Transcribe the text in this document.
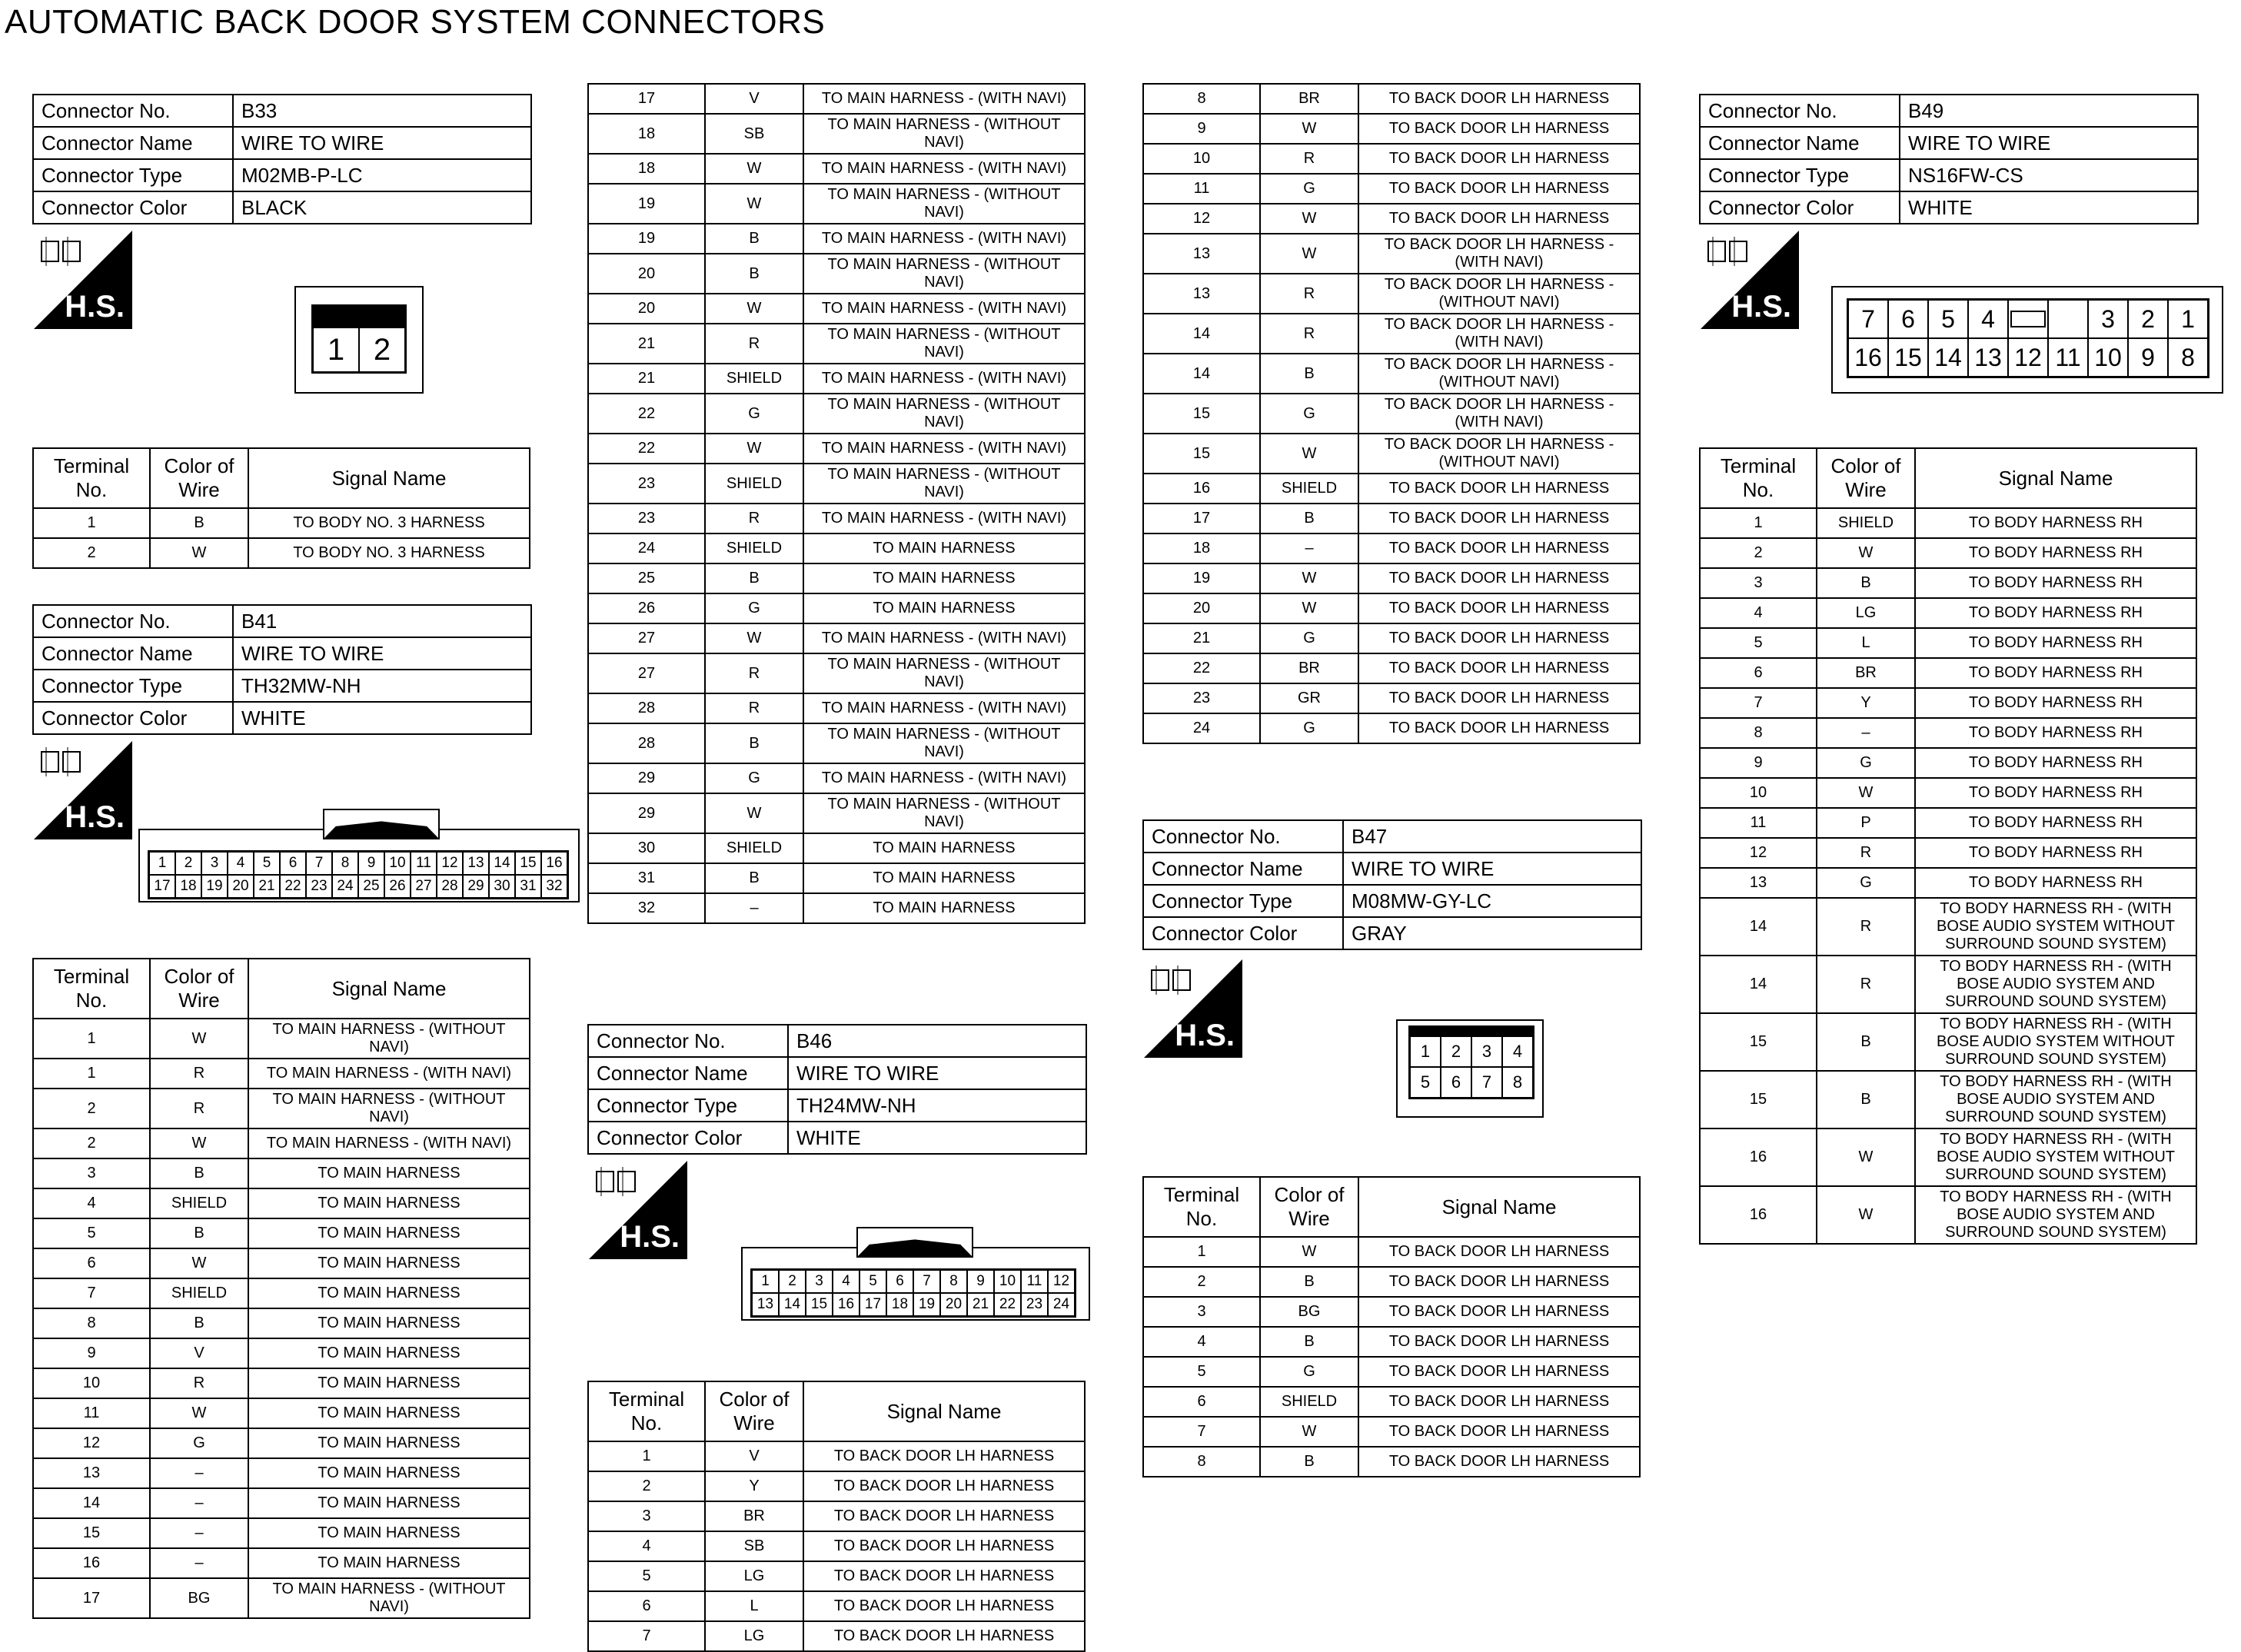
AUTOMATIC BACK DOOR SYSTEM CONNECTORS
Connector No.	B33
Connector Name	WIRE TO WIRE
Connector Type	M02MB-P-LC
Connector Color	BLACK
H.S.
1 2
Terminal No.	Color of Wire	Signal Name
1	B	TO BODY NO. 3 HARNESS
2	W	TO BODY NO. 3 HARNESS
Connector No.	B41
Connector Name	WIRE TO WIRE
Connector Type	TH32MW-NH
Connector Color	WHITE
H.S.
1	2	3	4	5	6	7	8	9 10 11 12 13 14 15 16
17 18 19 20 21 22 23 24 25 26 27 28 29 30 31 32
Terminal No.	Color of Wire	Signal Name
1	W	TO MAIN HARNESS - (WITHOUT NAVI)
1	R	TO MAIN HARNESS - (WITH NAVI)
2	R	TO MAIN HARNESS - (WITHOUT NAVI)
2	W	TO MAIN HARNESS - (WITH NAVI)
3	B	TO MAIN HARNESS
4	SHIELD	TO MAIN HARNESS
5	B	TO MAIN HARNESS
6	W	TO MAIN HARNESS
7	SHIELD	TO MAIN HARNESS
8	B	TO MAIN HARNESS
9	V	TO MAIN HARNESS
10	R	TO MAIN HARNESS
11	W	TO MAIN HARNESS
12	G	TO MAIN HARNESS
13	–	TO MAIN HARNESS
14	–	TO MAIN HARNESS
15	–	TO MAIN HARNESS
16	–	TO MAIN HARNESS
17	BG	TO MAIN HARNESS - (WITHOUT NAVI)
17	V	TO MAIN HARNESS - (WITH NAVI)
18	SB	TO MAIN HARNESS - (WITHOUT NAVI)
18	W	TO MAIN HARNESS - (WITH NAVI)
19	W	TO MAIN HARNESS - (WITHOUT NAVI)
19	B	TO MAIN HARNESS - (WITH NAVI)
20	B	TO MAIN HARNESS - (WITHOUT NAVI)
20	W	TO MAIN HARNESS - (WITH NAVI)
21	R	TO MAIN HARNESS - (WITHOUT NAVI)
21	SHIELD	TO MAIN HARNESS - (WITH NAVI)
22	G	TO MAIN HARNESS - (WITHOUT NAVI)
22	W	TO MAIN HARNESS - (WITH NAVI)
23	SHIELD	TO MAIN HARNESS - (WITHOUT NAVI)
23	R	TO MAIN HARNESS - (WITH NAVI)
24	SHIELD	TO MAIN HARNESS
25	B	TO MAIN HARNESS
26	G	TO MAIN HARNESS
27	W	TO MAIN HARNESS - (WITH NAVI)
27	R	TO MAIN HARNESS - (WITHOUT NAVI)
28	R	TO MAIN HARNESS - (WITH NAVI)
28	B	TO MAIN HARNESS - (WITHOUT NAVI)
29	G	TO MAIN HARNESS - (WITH NAVI)
29	W	TO MAIN HARNESS - (WITHOUT NAVI)
30	SHIELD	TO MAIN HARNESS
31	B	TO MAIN HARNESS
32	–	TO MAIN HARNESS
Connector No.	B46
Connector Name	WIRE TO WIRE
Connector Type	TH24MW-NH
Connector Color	WHITE
H.S.
1	2	3	4	5	6	7	8	9	10 11 12
13 14 15 16 17 18 19 20 21 22 23 24
Terminal No.	Color of Wire	Signal Name
1	V	TO BACK DOOR LH HARNESS
2	Y	TO BACK DOOR LH HARNESS
3	BR	TO BACK DOOR LH HARNESS
4	SB	TO BACK DOOR LH HARNESS
5	LG	TO BACK DOOR LH HARNESS
6	L	TO BACK DOOR LH HARNESS
7	LG	TO BACK DOOR LH HARNESS
8	BR	TO BACK DOOR LH HARNESS
9	W	TO BACK DOOR LH HARNESS
10	R	TO BACK DOOR LH HARNESS
11	G	TO BACK DOOR LH HARNESS
12	W	TO BACK DOOR LH HARNESS
13	W	TO BACK DOOR LH HARNESS - (WITH NAVI)
13	R	TO BACK DOOR LH HARNESS - (WITHOUT NAVI)
14	R	TO BACK DOOR LH HARNESS - (WITH NAVI)
14	B	TO BACK DOOR LH HARNESS - (WITHOUT NAVI)
15	G	TO BACK DOOR LH HARNESS - (WITH NAVI)
15	W	TO BACK DOOR LH HARNESS - (WITHOUT NAVI)
16	SHIELD	TO BACK DOOR LH HARNESS
17	B	TO BACK DOOR LH HARNESS
18	–	TO BACK DOOR LH HARNESS
19	W	TO BACK DOOR LH HARNESS
20	W	TO BACK DOOR LH HARNESS
21	G	TO BACK DOOR LH HARNESS
22	BR	TO BACK DOOR LH HARNESS
23	GR	TO BACK DOOR LH HARNESS
24	G	TO BACK DOOR LH HARNESS
Connector No.	B47
Connector Name	WIRE TO WIRE
Connector Type	M08MW-GY-LC
Connector Color	GRAY
H.S.	1	2	3	4
5	6	7	8
Terminal No.	Color of Wire	Signal Name
1	W	TO BACK DOOR LH HARNESS
2	B	TO BACK DOOR LH HARNESS
3	BG	TO BACK DOOR LH HARNESS
4	B	TO BACK DOOR LH HARNESS
5	G	TO BACK DOOR LH HARNESS
6	SHIELD	TO BACK DOOR LH HARNESS
7	W	TO BACK DOOR LH HARNESS
8	B	TO BACK DOOR LH HARNESS
Connector No.	B49
Connector Name	WIRE TO WIRE
Connector Type	NS16FW-CS
Connector Color	WHITE
H.S.	7	6	5	4	3	2	1
16 15 14 13 12 11 10 9	8
Terminal No.	Color of Wire	Signal Name
1	SHIELD	TO BODY HARNESS RH
2	W	TO BODY HARNESS RH
3	B	TO BODY HARNESS RH
4	LG	TO BODY HARNESS RH
5	L	TO BODY HARNESS RH
6	BR	TO BODY HARNESS RH
7	Y	TO BODY HARNESS RH
8	–	TO BODY HARNESS RH
9	G	TO BODY HARNESS RH
10	W	TO BODY HARNESS RH
11	P	TO BODY HARNESS RH
12	R	TO BODY HARNESS RH
13	G	TO BODY HARNESS RH
14	R	TO BODY HARNESS RH - (WITH BOSE AUDIO SYSTEM WITHOUT SURROUND SOUND SYSTEM)
14	R	TO BODY HARNESS RH - (WITH BOSE AUDIO SYSTEM AND SURROUND SOUND SYSTEM)
15	B	TO BODY HARNESS RH - (WITH BOSE AUDIO SYSTEM WITHOUT SURROUND SOUND SYSTEM)
15	B	TO BODY HARNESS RH - (WITH BOSE AUDIO SYSTEM AND SURROUND SOUND SYSTEM)
16	W	TO BODY HARNESS RH - (WITH BOSE AUDIO SYSTEM WITHOUT SURROUND SOUND SYSTEM)
16	W	TO BODY HARNESS RH - (WITH BOSE AUDIO SYSTEM AND SURROUND SOUND SYSTEM)
